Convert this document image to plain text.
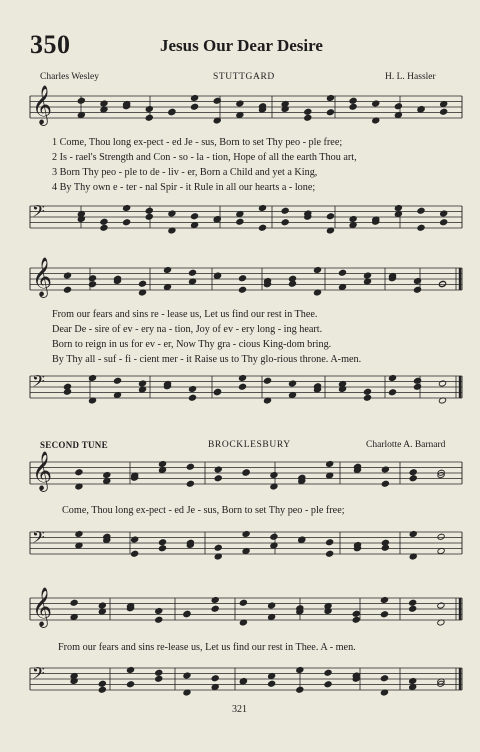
350	Jesus Our Dear Desire
Charles Wesley	STUTTGARD	H. L. Hassler
𝄞
𝄢
𝄞
𝄢
𝄞
𝄢
𝄞
𝄢
1 Come, Thou long ex-pect - ed Je - sus, Born to set Thy peo - ple free;
2 Is - rael's Strength and Con - so - la - tion, Hope of all the earth Thou art,
3 Born Thy peo - ple to de - liv - er, Born a Child and yet a King,
4 By Thy own e - ter - nal Spir - it Rule in all our hearts a - lone;
From our fears and sins re - lease us, Let us find our rest in Thee.
Dear De - sire of ev - ery na - tion, Joy of ev - ery long - ing heart.
Born to reign in us for ev - er, Now Thy gra - cious King-dom bring.
By Thy all - suf - fi - cient mer - it Raise us to Thy glo-rious throne. A-men.
SECOND TUNE	BROCKLESBURY	Charlotte A. Barnard
Come, Thou long ex-pect - ed Je - sus, Born to set Thy peo - ple free;
From our fears and sins re-lease us, Let us find our rest in Thee. A - men.
321
